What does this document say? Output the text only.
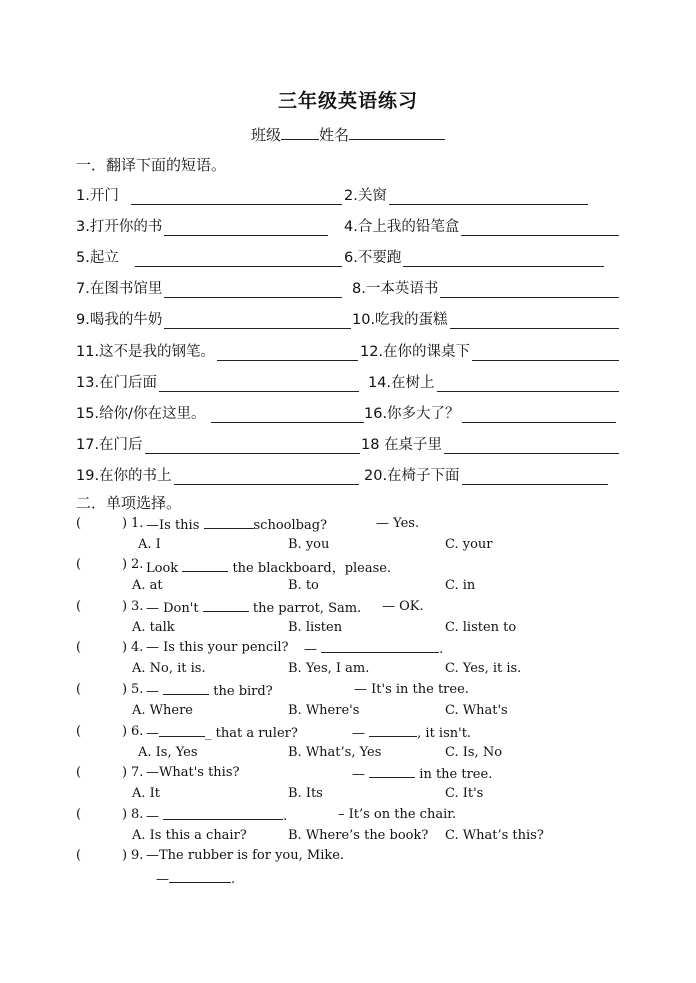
三年级英语练习
班级	姓名
一．翻译下面的短语。
1.开门	2.关窗
3.打开你的书	4.合上我的铅笔盒
5.起立	6.不要跑
7.在图书馆里	8.一本英语书
9.喝我的牛奶	10.吃我的蛋糕
11.这不是我的钢笔。	12.在你的课桌下
13.在门后面	14.在树上
15.给你/你在这里。	16.你多大了？
17.在门后	18 在桌子里
19.在你的书上	20.在椅子下面
二．单项选择。
(	) 1. —Is this	schoolbag?	— Yes.
A. I	B. you	C. your
(	) 2. Look	the blackboard，please.
A. at	B. to	C. in
(	) 3. — Don't	the parrot, Sam. — OK.
A. talk	B. listen	C. listen to
(	) 4. — Is this your pencil? —	.
A. No, it is.	B. Yes, I am.	C. Yes, it is.
(	) 5. —	the bird?	— It's in the tree.
A. Where	B. Where's	C. What's
(	) 6. —	_ that a ruler?	—	, it isn't.
A. Is, Yes	B. What’s, Yes	C. Is, No
(	) 7. —What's this?	—	in the tree.
A. It	B. Its	C. It's
(	) 8. —	.	– It’s on the chair.
A. Is this a chair?	B. Where’s the book? C. What’s this?
(	) 9. —The rubber is for you, Mike.
—	.
